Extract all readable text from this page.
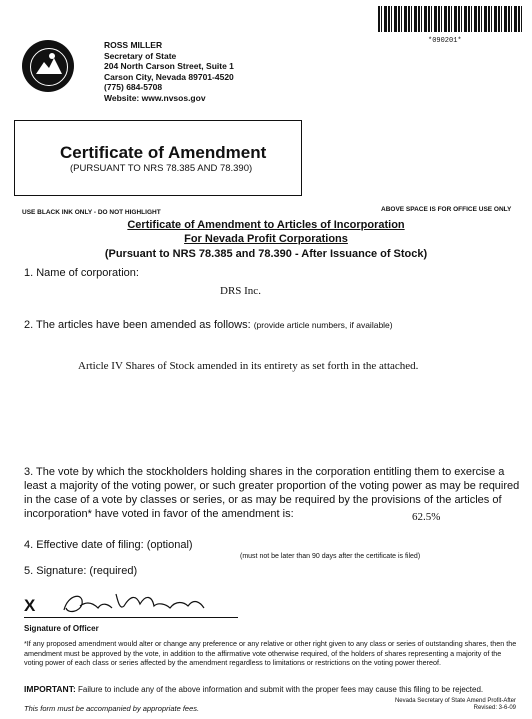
*090201*
ROSS MILLER
Secretary of State
204 North Carson Street, Suite 1
Carson City, Nevada 89701-4520
(775) 684-5708
Website: www.nvsos.gov
Certificate of Amendment
(PURSUANT TO NRS 78.385 AND 78.390)
USE BLACK INK ONLY - DO NOT HIGHLIGHT	ABOVE SPACE IS FOR OFFICE USE ONLY
Certificate of Amendment to Articles of Incorporation
For Nevada Profit Corporations
(Pursuant to NRS 78.385 and 78.390 - After Issuance of Stock)
1. Name of corporation:
DRS Inc.
2. The articles have been amended as follows: (provide article numbers, if available)
Article IV Shares of Stock amended in its entirety as set forth in the attached.
3. The vote by which the stockholders holding shares in the corporation entitling them to exercise a least a majority of the voting power, or such greater proportion of the voting power as may be required in the case of a vote by classes or series, or as may be required by the provisions of the articles of incorporation* have voted in favor of the amendment is:	62.5%
4. Effective date of filing: (optional)
(must not be later than 90 days after the certificate is filed)
5. Signature: (required)
X
Signature of Officer
*If any proposed amendment would alter or change any preference or any relative or other right given to any class or series of outstanding shares, then the amendment must be approved by the vote, in addition to the affirmative vote otherwise required, of the holders of shares representing a majority of the voting power of each class or series affected by the amendment regardless to limitations or restrictions on the voting power thereof.
IMPORTANT: Failure to include any of the above information and submit with the proper fees may cause this filing to be rejected.
This form must be accompanied by appropriate fees.
Nevada Secretary of State Amend Profit-After
Revised: 3-6-09
